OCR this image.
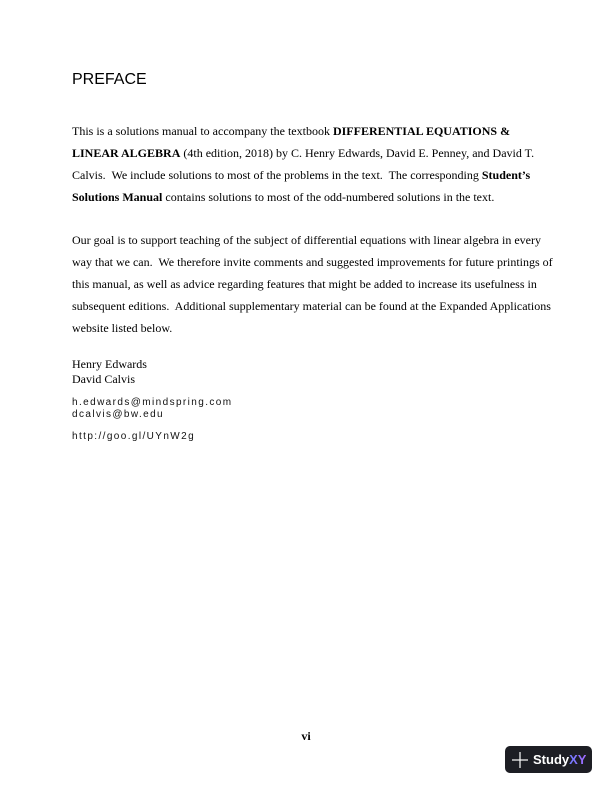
PREFACE
This is a solutions manual to accompany the textbook DIFFERENTIAL EQUATIONS &
LINEAR ALGEBRA (4th edition, 2018) by C. Henry Edwards, David E. Penney, and David T.
Calvis.  We include solutions to most of the problems in the text.  The corresponding Student’s
Solutions Manual contains solutions to most of the odd-numbered solutions in the text.
Our goal is to support teaching of the subject of differential equations with linear algebra in every
way that we can.  We therefore invite comments and suggested improvements for future printings of
this manual, as well as advice regarding features that might be added to increase its usefulness in
subsequent editions.  Additional supplementary material can be found at the Expanded Applications
website listed below.
Henry Edwards
David Calvis
h.edwards@mindspring.com
dcalvis@bw.edu
http://goo.gl/UYnW2g
vi
StudyXY
